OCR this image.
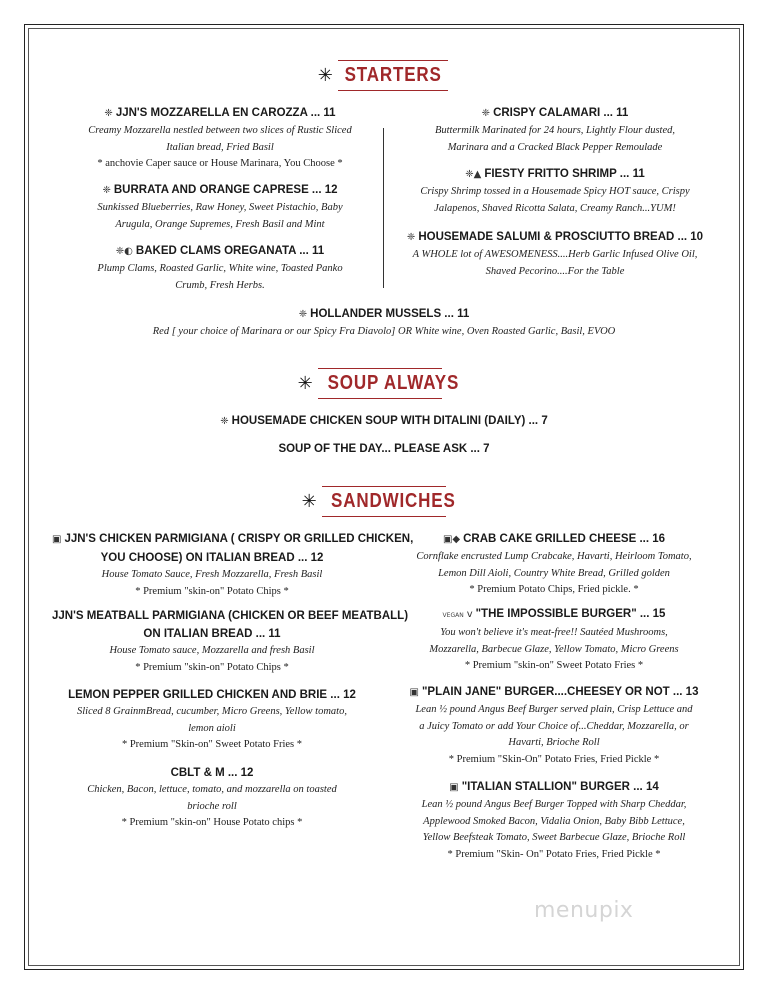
✳ STARTERS
❈ JJN'S MOZZARELLA EN CAROZZA ... 11
Creamy Mozzarella nestled between two slices of Rustic Sliced
Italian bread, Fried Basil
* anchovie Caper sauce or House Marinara, You Choose *
❈ BURRATA AND ORANGE CAPRESE ... 12
Sunkissed Blueberries, Raw Honey, Sweet Pistachio, Baby
Arugula, Orange Supremes, Fresh Basil and Mint
❈◐ BAKED CLAMS OREGANATA ... 11
Plump Clams, Roasted Garlic, White wine, Toasted Panko
Crumb, Fresh Herbs.
❈ CRISPY CALAMARI ... 11
Buttermilk Marinated for 24 hours, Lightly Flour dusted,
Marinara and a Cracked Black Pepper Remoulade
❈▲ FIESTY FRITTO SHRIMP ... 11
Crispy Shrimp tossed in a Housemade Spicy HOT sauce, Crispy
Jalapenos, Shaved Ricotta Salata, Creamy Ranch...YUM!
❈ HOUSEMADE SALUMI & PROSCIUTTO BREAD ... 10
A WHOLE lot of AWESOMENESS....Herb Garlic Infused Olive Oil,
Shaved Pecorino....For the Table
❈ HOLLANDER MUSSELS ... 11
Red [ your choice of Marinara or our Spicy Fra Diavolo] OR White wine, Oven Roasted Garlic, Basil, EVOO
✳ SOUP ALWAYS
❈ HOUSEMADE CHICKEN SOUP WITH DITALINI (DAILY) ... 7
SOUP OF THE DAY... PLEASE ASK ... 7
✳ SANDWICHES
▣ JJN'S CHICKEN PARMIGIANA ( CRISPY OR GRILLED CHICKEN,
YOU CHOOSE) ON ITALIAN BREAD ... 12
House Tomato Sauce, Fresh Mozzarella, Fresh Basil
* Premium "skin-on" Potato Chips *
JJN'S MEATBALL PARMIGIANA (CHICKEN OR BEEF MEATBALL)
ON ITALIAN BREAD ... 11
House Tomato sauce, Mozzarella and fresh Basil
* Premium "skin-on" Potato Chips *
LEMON PEPPER GRILLED CHICKEN AND BRIE ... 12
Sliced 8 GrainmBread, cucumber, Micro Greens, Yellow tomato,
lemon aioli
* Premium "Skin-on" Sweet Potato Fries *
CBLT & M ... 12
Chicken, Bacon, lettuce, tomato, and mozzarella on toasted
brioche roll
* Premium "skin-on" House Potato chips *
▣◆ CRAB CAKE GRILLED CHEESE ... 16
Cornflake encrusted Lump Crabcake, Havarti, Heirloom Tomato,
Lemon Dill Aioli, Country White Bread, Grilled golden
* Premium Potato Chips, Fried pickle. *
VEGAN v "THE IMPOSSIBLE BURGER" ... 15
You won't believe it's meat-free!! Sautéed Mushrooms,
Mozzarella, Barbecue Glaze, Yellow Tomato, Micro Greens
* Premium "skin-on" Sweet Potato Fries *
▣ "PLAIN JANE" BURGER....CHEESEY OR NOT ... 13
Lean ½ pound Angus Beef Burger served plain, Crisp Lettuce and
a Juicy Tomato or add Your Choice of...Cheddar, Mozzarella, or
Havarti, Brioche Roll
* Premium "Skin-On" Potato Fries, Fried Pickle *
▣ "ITALIAN STALLION" BURGER ... 14
Lean ½ pound Angus Beef Burger Topped with Sharp Cheddar,
Applewood Smoked Bacon, Vidalia Onion, Baby Bibb Lettuce,
Yellow Beefsteak Tomato, Sweet Barbecue Glaze, Brioche Roll
* Premium "Skin- On" Potato Fries, Fried Pickle *
menupix
